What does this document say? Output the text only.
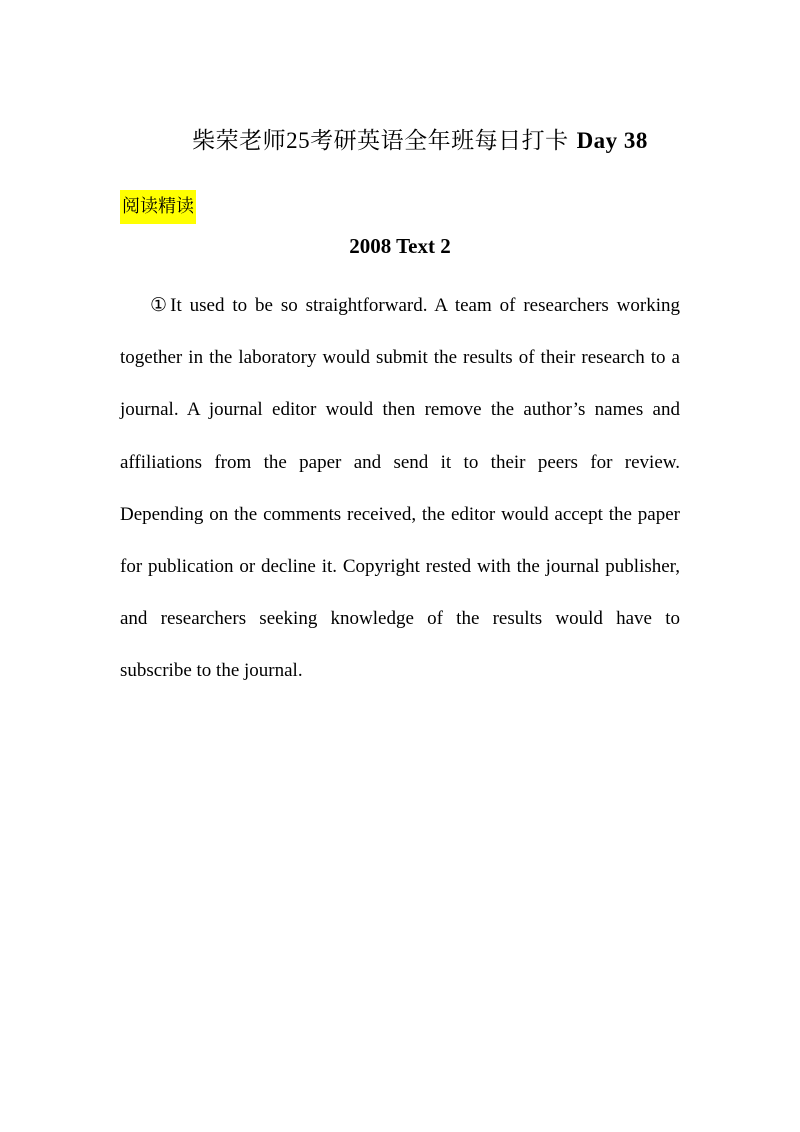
柴荣老师25考研英语全年班每日打卡 Day 38
阅读精读
2008 Text 2

①It used to be so straightforward. A team of researchers working together in the laboratory would submit the results of their research to a journal. A journal editor would then remove the author’s names and affiliations from the paper and send it to their peers for review. Depending on the comments received, the editor would accept the paper for publication or decline it. Copyright rested with the journal publisher, and researchers seeking knowledge of the results would have to subscribe to the journal.
